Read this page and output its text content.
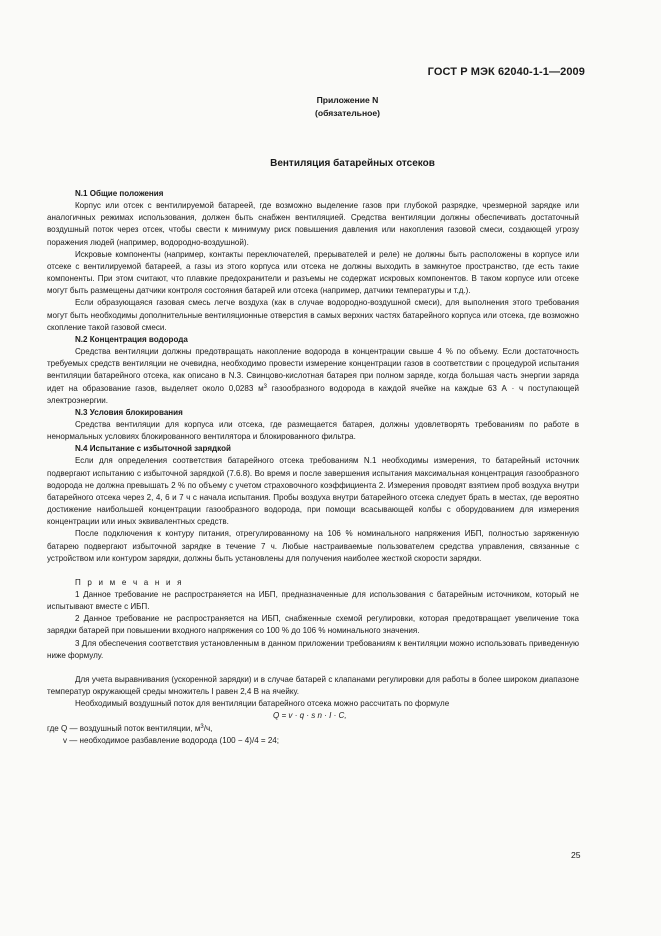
ГОСТ Р МЭК 62040-1-1—2009
Приложение N
(обязательное)
Вентиляция батарейных отсеков

N.1 Общие положения

Корпус или отсек с вентилируемой батареей, где возможно выделение газов при глубокой разрядке, чрезмерной зарядке или аналогичных режимах использования, должен быть снабжен вентиляцией. Средства вентиляции должны обеспечивать достаточный воздушный поток через отсек, чтобы свести к минимуму риск повышения давления или накопления газовой смеси, создающей угрозу поражения людей (например, водородно-воздушной).

Искровые компоненты (например, контакты переключателей, прерывателей и реле) не должны быть расположены в корпусе или отсеке с вентилируемой батареей, а газы из этого корпуса или отсека не должны выходить в замкнутое пространство, где есть такие компоненты. При этом считают, что плавкие предохранители и разъемы не содержат искровых компонентов. В таком корпусе или отсеке могут быть размещены датчики контроля состояния батарей или отсека (например, датчики температуры и т.д.).

Если образующаяся газовая смесь легче воздуха (как в случае водородно-воздушной смеси), для выполнения этого требования могут быть необходимы дополнительные вентиляционные отверстия в самых верхних частях батарейного корпуса или отсека, где возможно скопление такой газовой смеси.

N.2 Концентрация водорода

Средства вентиляции должны предотвращать накопление водорода в концентрации свыше 4 % по объему. Если достаточность требуемых средств вентиляции не очевидна, необходимо провести измерение концентрации газов в соответствии с процедурой испытания вентиляции батарейного отсека, как описано в N.3. Свинцово-кислотная батарея при полном заряде, когда большая часть энергии заряда идет на образование газов, выделяет около 0,0283 $м^3$ газообразного водорода в каждой ячейке на каждые 63 А · ч поступающей электроэнергии.

N.3 Условия блокирования

Средства вентиляции для корпуса или отсека, где размещается батарея, должны удовлетворять требованиям по работе в ненормальных условиях блокированного вентилятора и блокированного фильтра.

N.4 Испытание с избыточной зарядкой

Если для определения соответствия батарейного отсека требованиям N.1 необходимы измерения, то батарейный источник подвергают испытанию с избыточной зарядкой (7.6.8). Во время и после завершения испытания максимальная концентрация газообразного водорода не должна превышать 2 % по объему с учетом страховочного коэффициента 2. Измерения проводят взятием проб воздуха внутри батарейного отсека через 2, 4, 6 и 7 ч с начала испытания. Пробы воздуха внутри батарейного отсека следует брать в местах, где вероятно достижение наибольшей концентрации газообразного водорода, при помощи всасывающей колбы с оборудованием для измерения концентрации или иных эквивалентных средств.

После подключения к контуру питания, отрегулированному на 106 % номинального напряжения ИБП, полностью заряженную батарею подвергают избыточной зарядке в течение 7 ч. Любые настраиваемые пользователем средства управления, связанные с устройством или контуром зарядки, должны быть установлены для получения наиболее жесткой скорости зарядки.

П р и м е ч а н и я

1 Данное требование не распространяется на ИБП, предназначенные для использования с батарейным источником, который не испытывают вместе с ИБП.

2 Данное требование не распространяется на ИБП, снабженные схемой регулировки, которая предотвращает увеличение тока зарядки батарей при повышении входного напряжения со 100 % до 106 % номинального значения.

3 Для обеспечения соответствия установленным в данном приложении требованиям к вентиляции можно использовать приведенную ниже формулу.

Для учета выравнивания (ускоренной зарядки) и в случае батарей с клапанами регулировки для работы в более широком диапазоне температур окружающей среды множитель I равен 2,4 В на ячейку.

Необходимый воздушный поток для вентиляции батарейного отсека можно рассчитать по формуле

Q = v · q · s n · I · C,

где Q — воздушный поток вентиляции, $м^3/ч$,

v — необходимое разбавление водорода (100 − 4)/4 = 24;

25
